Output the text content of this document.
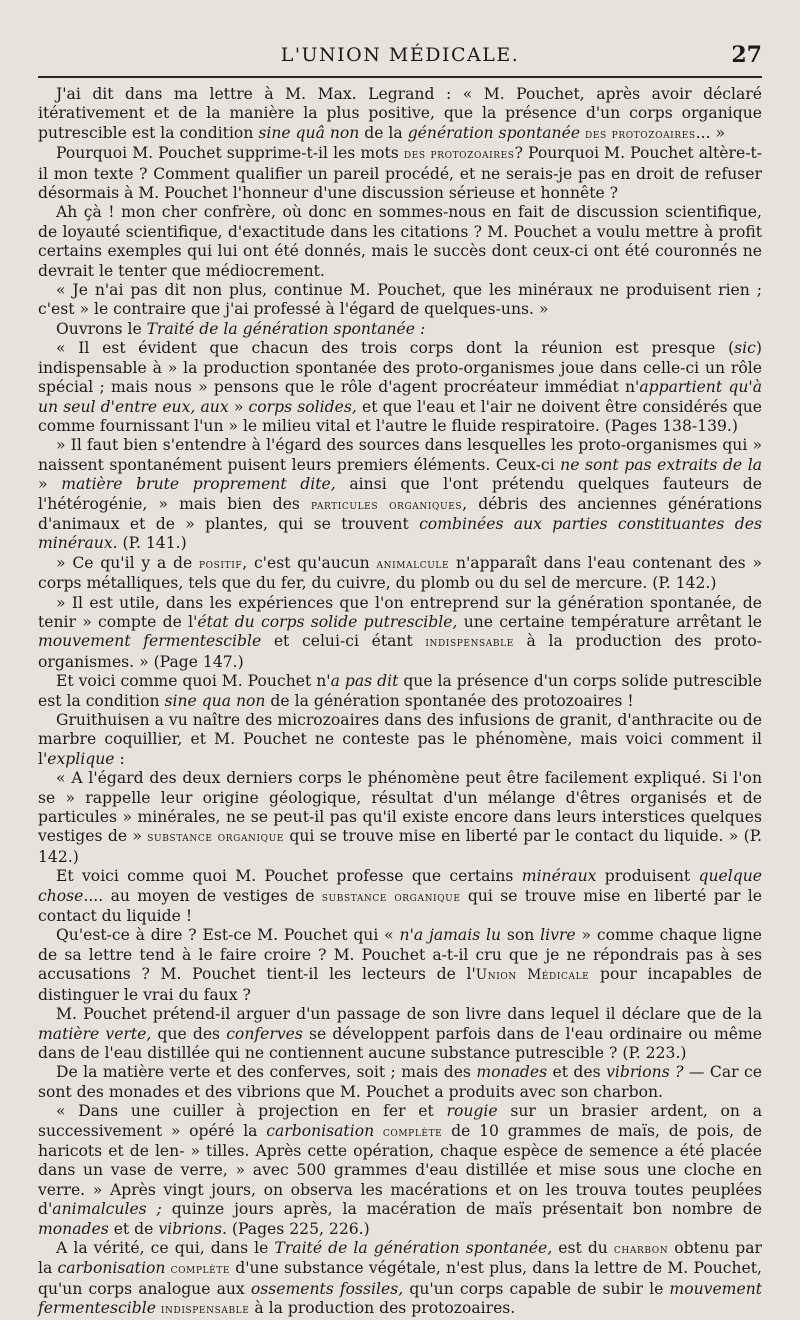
L'UNION MÉDICALE.	27

J'ai dit dans ma lettre à M. Max. Legrand : « M. Pouchet, après avoir déclaré itérativement et de la manière la plus positive, que la présence d'un corps organique putrescible est la condition sine quâ non de la génération spontanée des protozoaires... »

Pourquoi M. Pouchet supprime-t-il les mots des protozoaires? Pourquoi M. Pouchet altère-t-il mon texte ? Comment qualifier un pareil procédé, et ne serais-je pas en droit de refuser désormais à M. Pouchet l'honneur d'une discussion sérieuse et honnête ?

Ah çà ! mon cher confrère, où donc en sommes-nous en fait de discussion scientifique, de loyauté scientifique, d'exactitude dans les citations ? M. Pouchet a voulu mettre à profit certains exemples qui lui ont été donnés, mais le succès dont ceux-ci ont été couronnés ne devrait le tenter que médiocrement.

« Je n'ai pas dit non plus, continue M. Pouchet, que les minéraux ne produisent rien ; c'est » le contraire que j'ai professé à l'égard de quelques-uns. »

Ouvrons le Traité de la génération spontanée :

« Il est évident que chacun des trois corps dont la réunion est presque (sic) indispensable à » la production spontanée des proto-organismes joue dans celle-ci un rôle spécial ; mais nous » pensons que le rôle d'agent procréateur immédiat n'appartient qu'à un seul d'entre eux, aux » corps solides, et que l'eau et l'air ne doivent être considérés que comme fournissant l'un » le milieu vital et l'autre le fluide respiratoire. (Pages 138-139.)

» Il faut bien s'entendre à l'égard des sources dans lesquelles les proto-organismes qui » naissent spontanément puisent leurs premiers éléments. Ceux-ci ne sont pas extraits de la » matière brute proprement dite, ainsi que l'ont prétendu quelques fauteurs de l'hétérogénie, » mais bien des particules organiques, débris des anciennes générations d'animaux et de » plantes, qui se trouvent combinées aux parties constituantes des minéraux. (P. 141.)

» Ce qu'il y a de positif, c'est qu'aucun animalcule n'apparaît dans l'eau contenant des » corps métalliques, tels que du fer, du cuivre, du plomb ou du sel de mercure. (P. 142.)

» Il est utile, dans les expériences que l'on entreprend sur la génération spontanée, de tenir » compte de l'état du corps solide putrescible, une certaine température arrêtant le mouvement fermentescible et celui-ci étant indispensable à la production des proto-organismes. » (Page 147.)

Et voici comme quoi M. Pouchet n'a pas dit que la présence d'un corps solide putrescible est la condition sine qua non de la génération spontanée des protozoaires !

Gruithuisen a vu naître des microzoaires dans des infusions de granit, d'anthracite ou de marbre coquillier, et M. Pouchet ne conteste pas le phénomène, mais voici comment il l'explique :

« A l'égard des deux derniers corps le phénomène peut être facilement expliqué. Si l'on se » rappelle leur origine géologique, résultat d'un mélange d'êtres organisés et de particules » minérales, ne se peut-il pas qu'il existe encore dans leurs interstices quelques vestiges de » substance organique qui se trouve mise en liberté par le contact du liquide. » (P. 142.)

Et voici comme quoi M. Pouchet professe que certains minéraux produisent quelque chose.... au moyen de vestiges de substance organique qui se trouve mise en liberté par le contact du liquide !

Qu'est-ce à dire ? Est-ce M. Pouchet qui « n'a jamais lu son livre » comme chaque ligne de sa lettre tend à le faire croire ? M. Pouchet a-t-il cru que je ne répondrais pas à ses accusations ? M. Pouchet tient-il les lecteurs de l'Union Médicale pour incapables de distinguer le vrai du faux ?

M. Pouchet prétend-il arguer d'un passage de son livre dans lequel il déclare que de la matière verte, que des conferves se développent parfois dans de l'eau ordinaire ou même dans de l'eau distillée qui ne contiennent aucune substance putrescible ? (P. 223.)

De la matière verte et des conferves, soit ; mais des monades et des vibrions ? — Car ce sont des monades et des vibrions que M. Pouchet a produits avec son charbon.

« Dans une cuiller à projection en fer et rougie sur un brasier ardent, on a successivement » opéré la carbonisation complète de 10 grammes de maïs, de pois, de haricots et de len- » tilles. Après cette opération, chaque espèce de semence a été placée dans un vase de verre, » avec 500 grammes d'eau distillée et mise sous une cloche en verre. » Après vingt jours, on observa les macérations et on les trouva toutes peuplées d'animalcules ; quinze jours après, la macération de maïs présentait bon nombre de monades et de vibrions. (Pages 225, 226.)

A la vérité, ce qui, dans le Traité de la génération spontanée, est du charbon obtenu par la carbonisation complète d'une substance végétale, n'est plus, dans la lettre de M. Pouchet, qu'un corps analogue aux ossements fossiles, qu'un corps capable de subir le mouvement fermentescible indispensable à la production des protozoaires.
